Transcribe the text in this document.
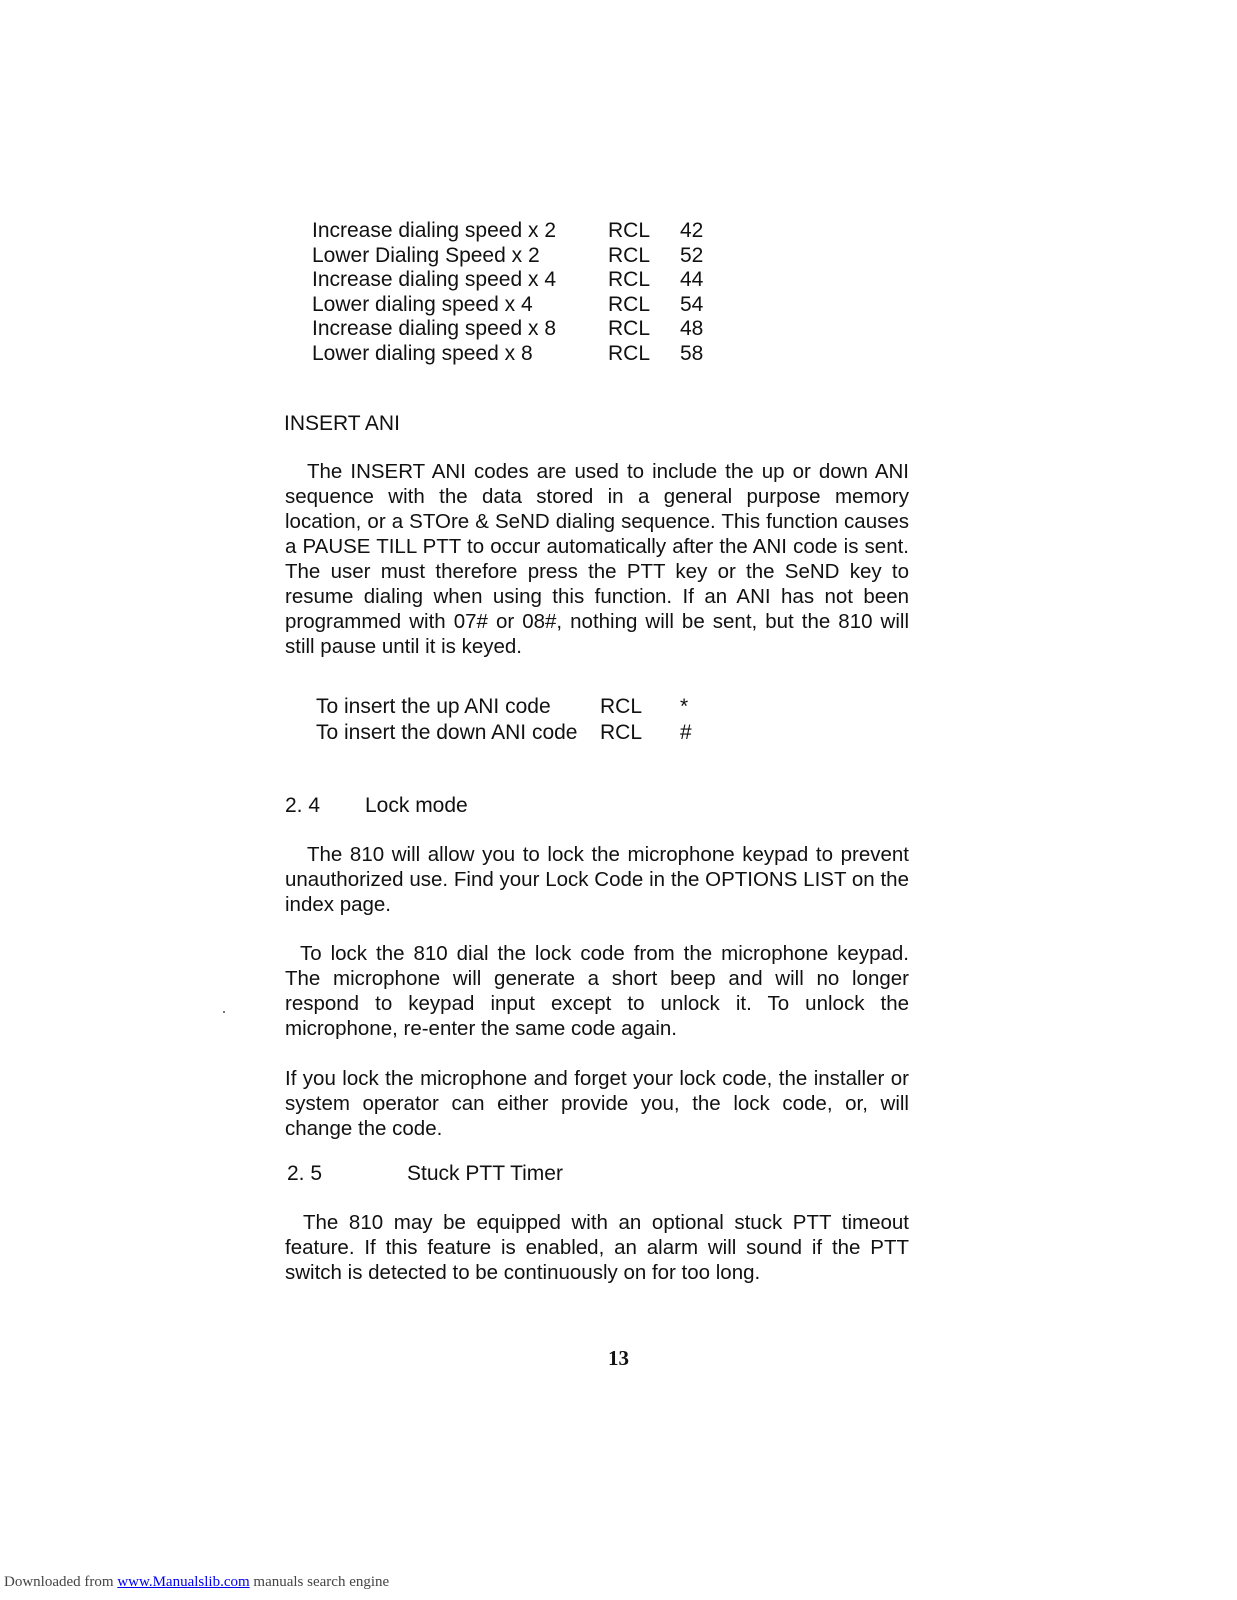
Increase dialing speed x 2	RCL	42
Lower Dialing Speed x 2	RCL	52
Increase dialing speed x 4	RCL	44
Lower dialing speed x 4	RCL	54
Increase dialing speed x 8	RCL	48
Lower dialing speed x 8	RCL	58
INSERT ANI

The INSERT ANI codes are used to include the up or down ANI sequence with the data stored in a general purpose memory location, or a STOre & SeND dialing sequence. This function causes a PAUSE TILL PTT to occur automatically after the ANI code is sent. The user must therefore press the PTT key or the SeND key to resume dialing when using this function. If an ANI has not been programmed with 07# or 08#, nothing will be sent, but the 810 will still pause until it is keyed.

To insert the up ANI code	RCL	*
To insert the down ANI code	RCL	#
2. 4 Lock mode

The 810 will allow you to lock the microphone keypad to prevent unauthorized use. Find your Lock Code in the OPTIONS LIST on the index page.

To lock the 810 dial the lock code from the microphone keypad. The microphone will generate a short beep and will no longer respond to keypad input except to unlock it. To unlock the microphone, re-enter the same code again.

If you lock the microphone and forget your lock code, the installer or system operator can either provide you, the lock code, or, will change the code.

2. 5	Stuck PTT Timer

The 810 may be equipped with an optional stuck PTT timeout feature. If this feature is enabled, an alarm will sound if the PTT switch is detected to be continuously on for too long.

13
Downloaded from www.Manualslib.com manuals search engine
